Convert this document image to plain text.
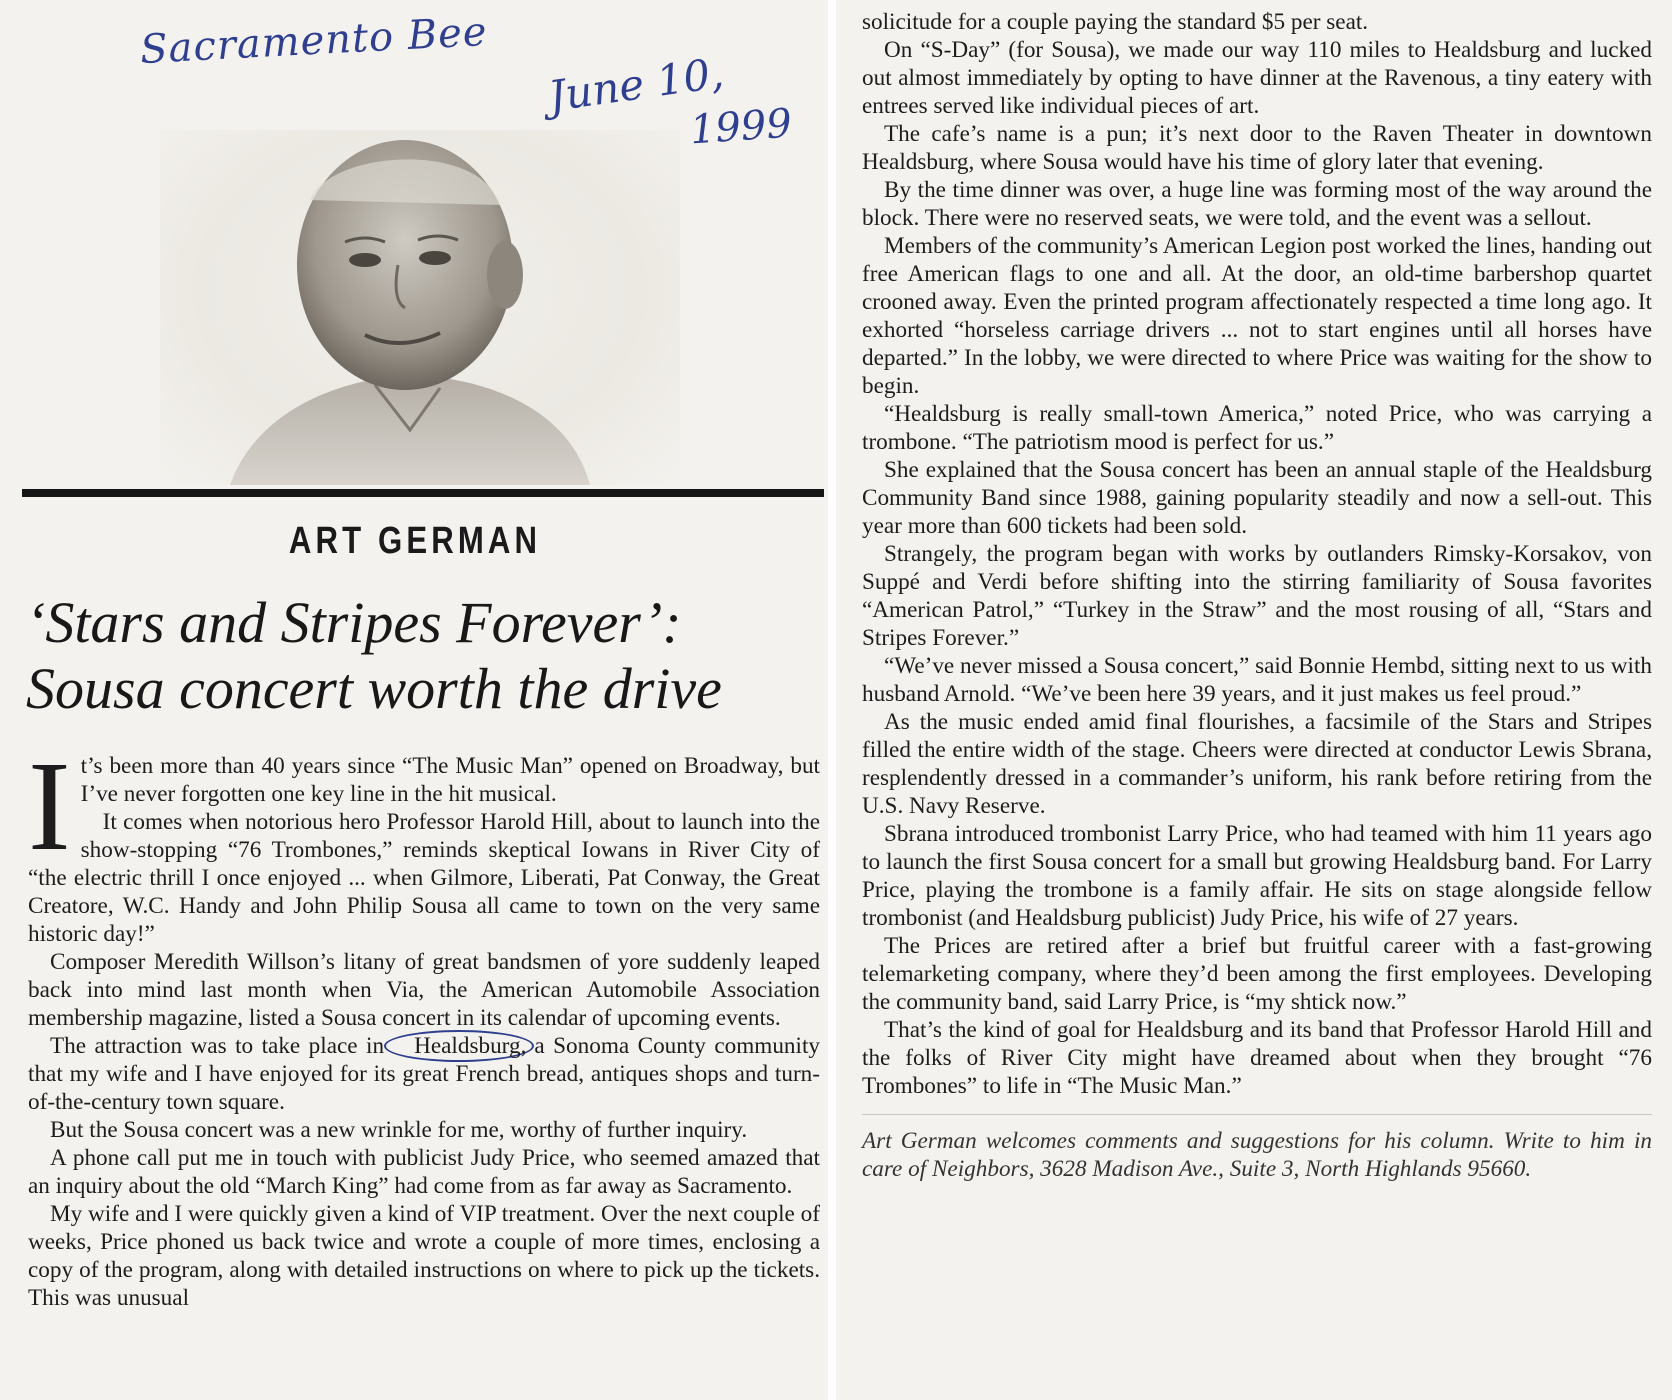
Sacramento Bee
June 10,
1999
ART GERMAN
‘Stars and Stripes Forever’:
Sousa concert worth the drive

It’s been more than 40 years since “The Music Man” opened on Broadway, but I’ve never forgotten one key line in the hit musical.

It comes when notorious hero Professor Harold Hill, about to launch into the show-stopping “76 Trombones,” reminds skeptical Iowans in River City of “the electric thrill I once enjoyed ... when Gilmore, Liberati, Pat Conway, the Great Creatore, W.C. Handy and John Philip Sousa all came to town on the very same historic day!”

Composer Meredith Willson’s litany of great bandsmen of yore suddenly leaped back into mind last month when Via, the American Automobile Association membership magazine, listed a Sousa concert in its calendar of upcoming events.

The attraction was to take place in Healdsburg, a Sonoma County community that my wife and I have enjoyed for its great French bread, antiques shops and turn-of-the-century town square.

But the Sousa concert was a new wrinkle for me, worthy of further inquiry.

A phone call put me in touch with publicist Judy Price, who seemed amazed that an inquiry about the old “March King” had come from as far away as Sacramento.

My wife and I were quickly given a kind of VIP treatment. Over the next couple of weeks, Price phoned us back twice and wrote a couple of more times, enclosing a copy of the program, along with detailed instructions on where to pick up the tickets. This was unusual

solicitude for a couple paying the standard $5 per seat.

On “S-Day” (for Sousa), we made our way 110 miles to Healdsburg and lucked out almost immediately by opting to have dinner at the Ravenous, a tiny eatery with entrees served like individual pieces of art.

The cafe’s name is a pun; it’s next door to the Raven Theater in downtown Healdsburg, where Sousa would have his time of glory later that evening.

By the time dinner was over, a huge line was forming most of the way around the block. There were no reserved seats, we were told, and the event was a sellout.

Members of the community’s American Legion post worked the lines, handing out free American flags to one and all. At the door, an old-time barbershop quartet crooned away. Even the printed program affectionately respected a time long ago. It exhorted “horseless carriage drivers ... not to start engines until all horses have departed.” In the lobby, we were directed to where Price was waiting for the show to begin.

“Healdsburg is really small-town America,” noted Price, who was carrying a trombone. “The patriotism mood is perfect for us.”

She explained that the Sousa concert has been an annual staple of the Healdsburg Community Band since 1988, gaining popularity steadily and now a sell-out. This year more than 600 tickets had been sold.

Strangely, the program began with works by outlanders Rimsky-Korsakov, von Suppé and Verdi before shifting into the stirring familiarity of Sousa favorites “American Patrol,” “Turkey in the Straw” and the most rousing of all, “Stars and Stripes Forever.”

“We’ve never missed a Sousa concert,” said Bonnie Hembd, sitting next to us with husband Arnold. “We’ve been here 39 years, and it just makes us feel proud.”

As the music ended amid final flourishes, a facsimile of the Stars and Stripes filled the entire width of the stage. Cheers were directed at conductor Lewis Sbrana, resplendently dressed in a commander’s uniform, his rank before retiring from the U.S. Navy Reserve.

Sbrana introduced trombonist Larry Price, who had teamed with him 11 years ago to launch the first Sousa concert for a small but growing Healdsburg band. For Larry Price, playing the trombone is a family affair. He sits on stage alongside fellow trombonist (and Healdsburg publicist) Judy Price, his wife of 27 years.

The Prices are retired after a brief but fruitful career with a fast-growing telemarketing company, where they’d been among the first employees. Developing the community band, said Larry Price, is “my shtick now.”

That’s the kind of goal for Healdsburg and its band that Professor Harold Hill and the folks of River City might have dreamed about when they brought “76 Trombones” to life in “The Music Man.”

Art German welcomes comments and suggestions for his column. Write to him in care of Neighbors, 3628 Madison Ave., Suite 3, North Highlands 95660.
